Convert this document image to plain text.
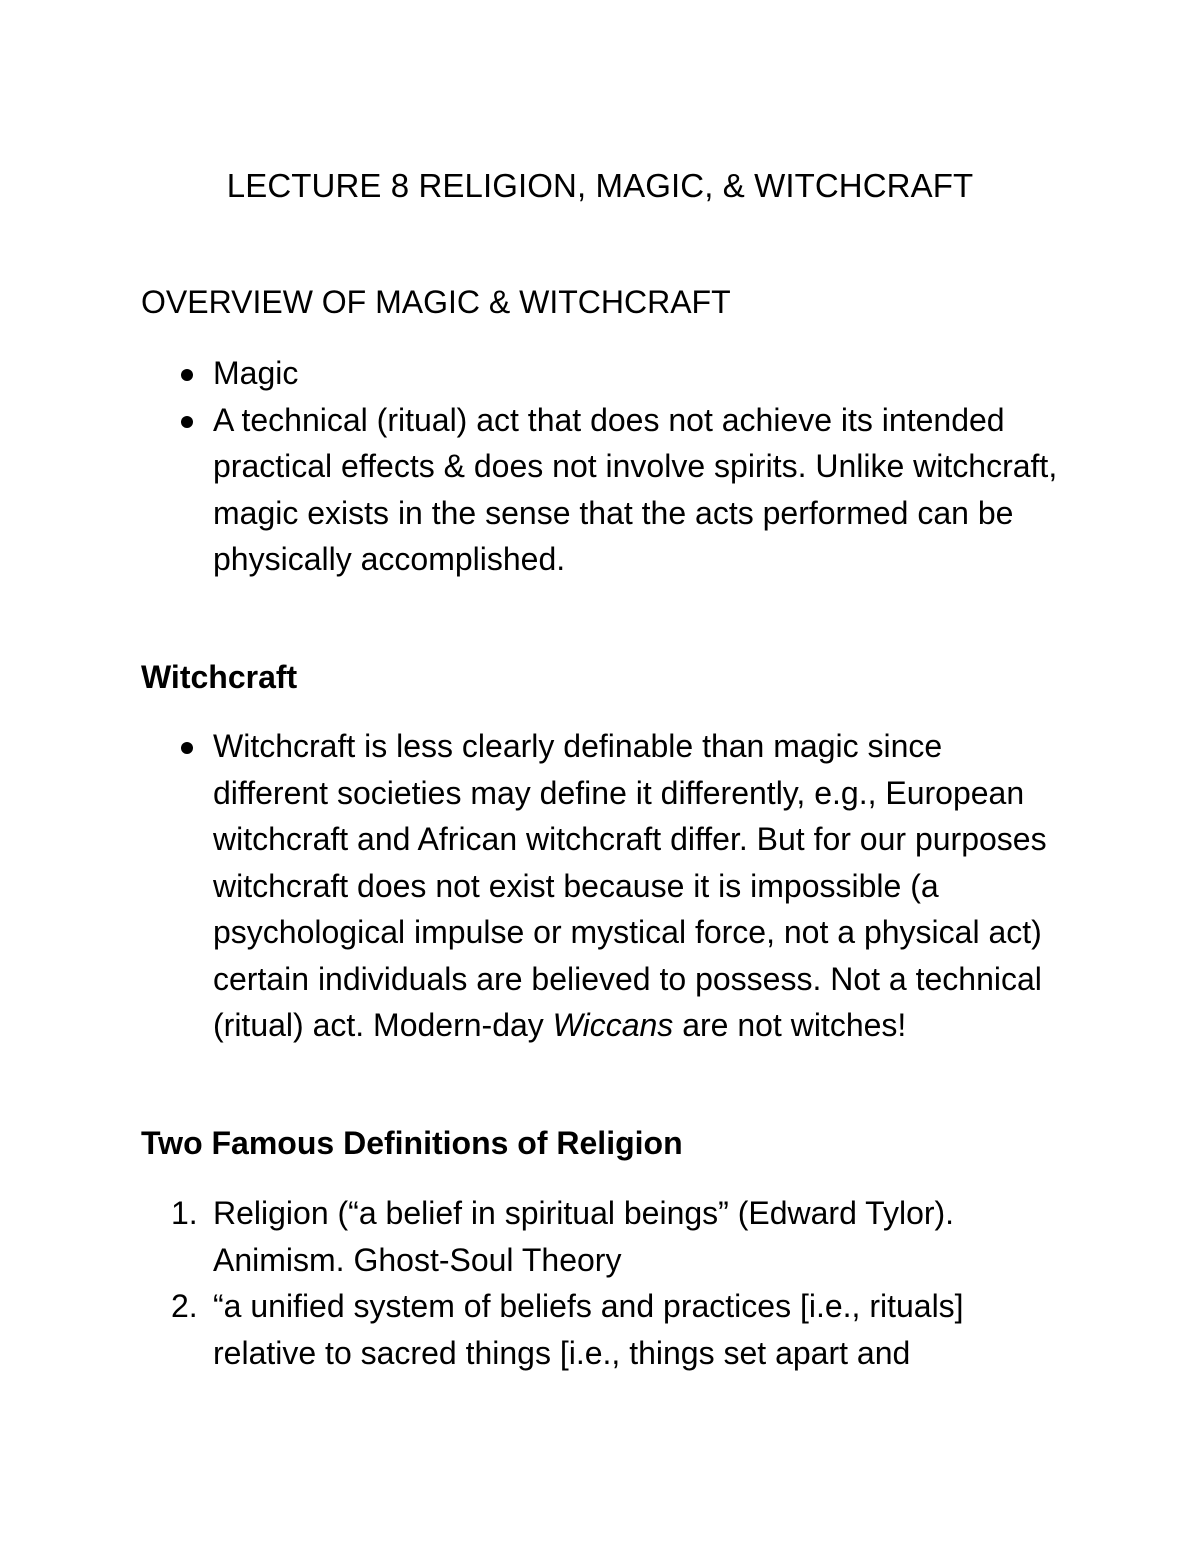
LECTURE 8 RELIGION, MAGIC, & WITCHCRAFT
OVERVIEW OF MAGIC & WITCHCRAFT
Magic
A technical (ritual) act that does not achieve its intended practical effects & does not involve spirits. Unlike witchcraft, magic exists in the sense that the acts performed can be physically accomplished.
Witchcraft
Witchcraft is less clearly definable than magic since different societies may define it differently, e.g., European witchcraft and African witchcraft differ. But for our purposes witchcraft does not exist because it is impossible (a psychological impulse or mystical force, not a physical act) certain individuals are believed to possess. Not a technical (ritual) act. Modern-day Wiccans are not witches!
Two Famous Definitions of Religion
1. Religion (“a belief in spiritual beings” (Edward Tylor). Animism. Ghost-Soul Theory
2. “a unified system of beliefs and practices [i.e., rituals] relative to sacred things [i.e., things set apart and
